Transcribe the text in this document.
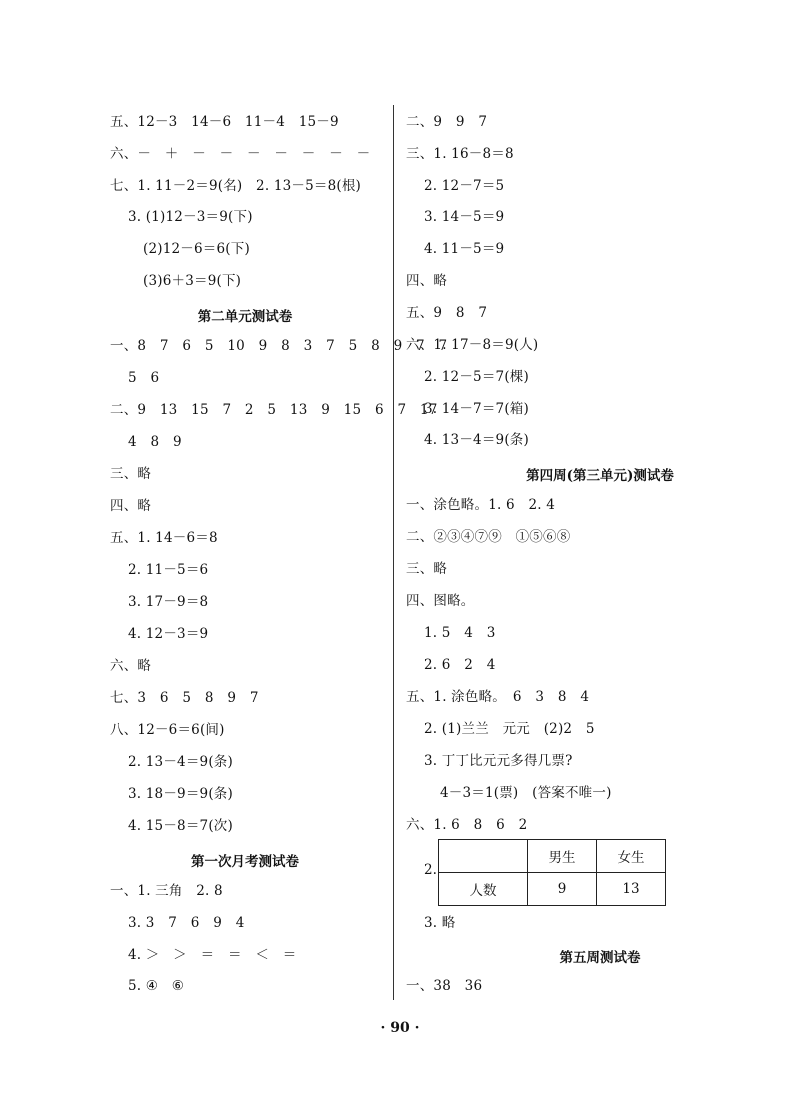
五、12－3　14－6　11－4　15－9
六、－　＋　－　－　－　－　－　－　－
七、1. 11－2＝9(名)　2. 13－5＝8(根)
3. (1)12－3＝9(下)
(2)12－6＝6(下)
(3)6＋3＝9(下)
第二单元测试卷
一、8　7　6　5　10　9　8　3　7　5　8　9　7　7
5　6
二、9　13　15　7　2　5　13　9　15　6　7　17
4　8　9
三、略
四、略
五、1. 14－6＝8
2. 11－5＝6
3. 17－9＝8
4. 12－3＝9
六、略
七、3　6　5　8　9　7
八、12－6＝6(间)
2. 13－4＝9(条)
3. 18－9＝9(条)
4. 15－8＝7(次)
第一次月考测试卷
一、1. 三角　2. 8
3. 3　7　6　9　4
4. ＞　＞　＝　＝　＜　＝
5. ④　⑥
二、9　9　7
三、1. 16－8＝8
2. 12－7＝5
3. 14－5＝9
4. 11－5＝9
四、略
五、9　8　7
六、1. 17－8＝9(人)
2. 12－5＝7(棵)
3. 14－7＝7(箱)
4. 13－4＝9(条)
第四周(第三单元)测试卷
一、涂色略。1. 6　2. 4
二、②③④⑦⑨　①⑤⑥⑧
三、略
四、图略。
1. 5　4　3
2. 6　2　4
五、1. 涂色略。　6　3　8　4
2. (1)兰兰　元元　(2)2　5
3. 丁丁比元元多得几票?
4－3＝1(票)　(答案不唯一)
六、1. 6　8　6　2
2.
	男生	女生
人数	9	13
3. 略
第五周测试卷
一、38　36
· 90 ·
